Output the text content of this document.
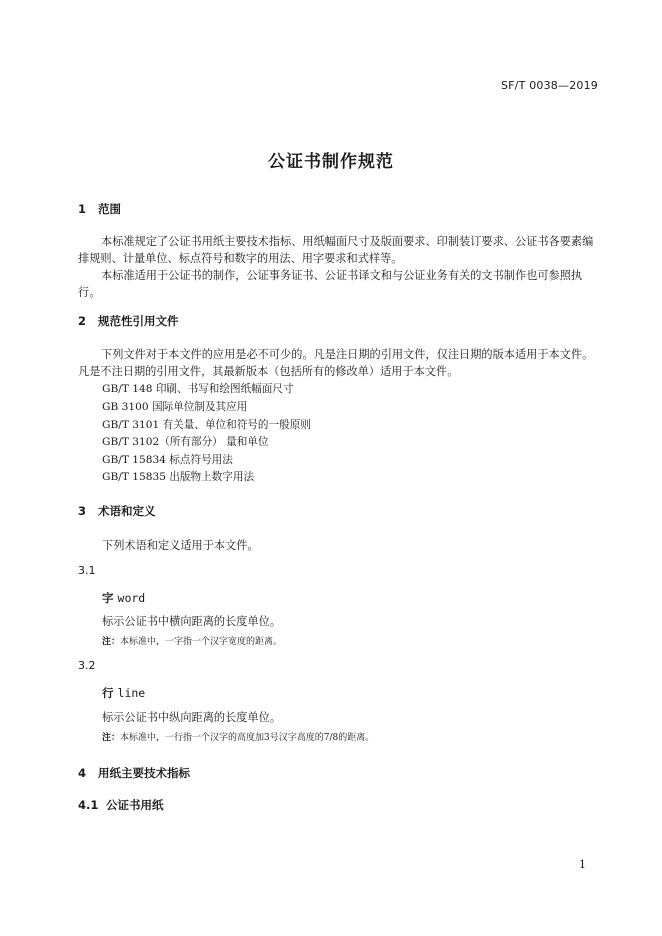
SF/T 0038—2019
公证书制作规范
1 范围
本标准规定了公证书用纸主要技术指标、用纸幅面尺寸及版面要求、印制装订要求、公证书各要素编排规则、计量单位、标点符号和数字的用法、用字要求和式样等。
本标准适用于公证书的制作，公证事务证书、公证书译文和与公证业务有关的文书制作也可参照执行。
2 规范性引用文件
下列文件对于本文件的应用是必不可少的。凡是注日期的引用文件，仅注日期的版本适用于本文件。凡是不注日期的引用文件，其最新版本（包括所有的修改单）适用于本文件。
GB/T 148 印刷、书写和绘图纸幅面尺寸
GB 3100 国际单位制及其应用
GB/T 3101 有关量、单位和符号的一般原则
GB/T 3102（所有部分） 量和单位
GB/T 15834 标点符号用法
GB/T 15835 出版物上数字用法
3 术语和定义
下列术语和定义适用于本文件。
3.1
字 word
标示公证书中横向距离的长度单位。
注：本标准中，一字指一个汉字宽度的距离。
3.2
行 line
标示公证书中纵向距离的长度单位。
注：本标准中，一行指一个汉字的高度加3号汉字高度的7/8的距离。
4 用纸主要技术指标
4.1 公证书用纸
1
